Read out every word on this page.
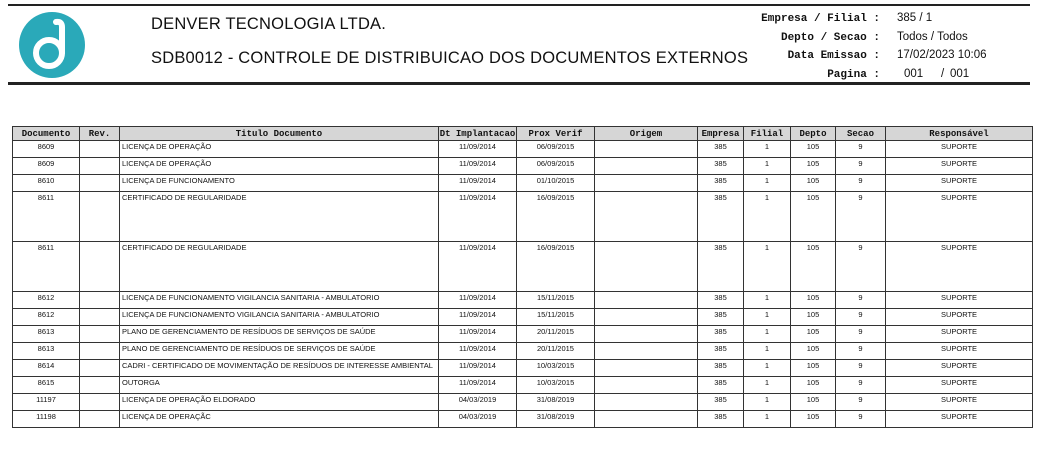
DENVER TECNOLOGIA LTDA.
SDB0012 - CONTROLE DE DISTRIBUICAO DOS DOCUMENTOS EXTERNOS
Empresa / Filial : 385 / 1
Depto / Secao : Todos / Todos
Data Emissao : 17/02/2023 10:06
Pagina : 001 / 001
Documento	Rev.	Titulo Documento	Dt Implantacao	Prox Verif	Origem	Empresa	Filial	Depto	Secao	Responsável
8609		LICENÇA DE OPERAÇÃO	11/09/2014	06/09/2015		385	1	105	9	SUPORTE
8609		LICENÇA DE OPERAÇÃO	11/09/2014	06/09/2015		385	1	105	9	SUPORTE
8610		LICENÇA DE FUNCIONAMENTO	11/09/2014	01/10/2015		385	1	105	9	SUPORTE
8611		CERTIFICADO DE REGULARIDADE	11/09/2014	16/09/2015		385	1	105	9	SUPORTE
8611		CERTIFICADO DE REGULARIDADE	11/09/2014	16/09/2015		385	1	105	9	SUPORTE
8612		LICENÇA DE FUNCIONAMENTO VIGILANCIA SANITARIA - AMBULATORIO	11/09/2014	15/11/2015		385	1	105	9	SUPORTE
8612		LICENÇA DE FUNCIONAMENTO VIGILANCIA SANITARIA - AMBULATORIO	11/09/2014	15/11/2015		385	1	105	9	SUPORTE
8613		PLANO DE GERENCIAMENTO DE RESÍDUOS DE SERVIÇOS DE SAÚDE	11/09/2014	20/11/2015		385	1	105	9	SUPORTE
8613		PLANO DE GERENCIAMENTO DE RESÍDUOS DE SERVIÇOS DE SAÚDE	11/09/2014	20/11/2015		385	1	105	9	SUPORTE
8614		CADRI - CERTIFICADO DE MOVIMENTAÇÃO DE RESÍDUOS DE INTERESSE AMBIENTAL	11/09/2014	10/03/2015		385	1	105	9	SUPORTE
8615		OUTORGA	11/09/2014	10/03/2015		385	1	105	9	SUPORTE
11197		LICENÇA DE OPERAÇÃO ELDORADO	04/03/2019	31/08/2019		385	1	105	9	SUPORTE
11198		LICENÇA DE OPERAÇÃC	04/03/2019	31/08/2019		385	1	105	9	SUPORTE
